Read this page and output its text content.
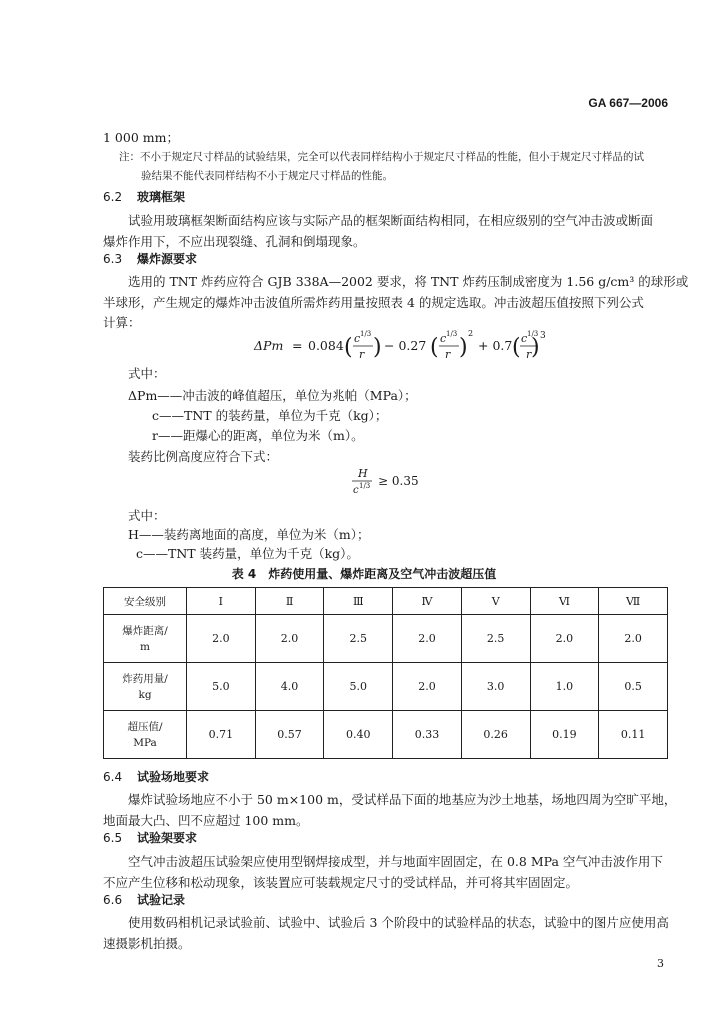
GA 667—2006
1 000 mm；
注：不小于规定尺寸样品的试验结果，完全可以代表同样结构小于规定尺寸样品的性能，但小于规定尺寸样品的试
验结果不能代表同样结构不小于规定尺寸样品的性能。
6.2 玻璃框架
试验用玻璃框架断面结构应该与实际产品的框架断面结构相同，在相应级别的空气冲击波或断面
爆炸作用下，不应出现裂缝、孔洞和倒塌现象。
6.3 爆炸源要求
选用的 TNT 炸药应符合 GJB 338A—2002 要求，将 TNT 炸药压制成密度为 1.56 g/cm³ 的球形或
半球形，产生规定的爆炸冲击波值所需炸药用量按照表 4 的规定选取。冲击波超压值按照下列公式
计算：
ΔPm = 0.084 ( c 1/3
r ) − 0.27 ( c 1/3
r )
2
+ 0.7 ( c 1/3
r
3
)
式中：
ΔPm——冲击波的峰值超压，单位为兆帕（MPa）；
c——TNT 的装药量，单位为千克（kg）；
r——距爆心的距离，单位为米（m）。
装药比例高度应符合下式：
H
c 1/3 ≥ 0.35
式中：
H——装药离地面的高度，单位为米（m）；
c——TNT 装药量，单位为千克（kg）。
表 4　炸药使用量、爆炸距离及空气冲击波超压值
安全级别	Ⅰ	Ⅱ	Ⅲ	Ⅳ	Ⅴ	Ⅵ	Ⅶ
爆炸距离/
m	2.0	2.0	2.5	2.0	2.5	2.0	2.0
炸药用量/
kg	5.0	4.0	5.0	2.0	3.0	1.0	0.5
超压值/
MPa	0.71	0.57	0.40	0.33	0.26	0.19	0.11
6.4 试验场地要求
爆炸试验场地应不小于 50 m×100 m，受试样品下面的地基应为沙土地基，场地四周为空旷平地，
地面最大凸、凹不应超过 100 mm。
6.5 试验架要求
空气冲击波超压试验架应使用型钢焊接成型，并与地面牢固固定，在 0.8 MPa 空气冲击波作用下
不应产生位移和松动现象，该装置应可装载规定尺寸的受试样品，并可将其牢固固定。
6.6 试验记录
使用数码相机记录试验前、试验中、试验后 3 个阶段中的试验样品的状态，试验中的图片应使用高
速摄影机拍摄。
3
